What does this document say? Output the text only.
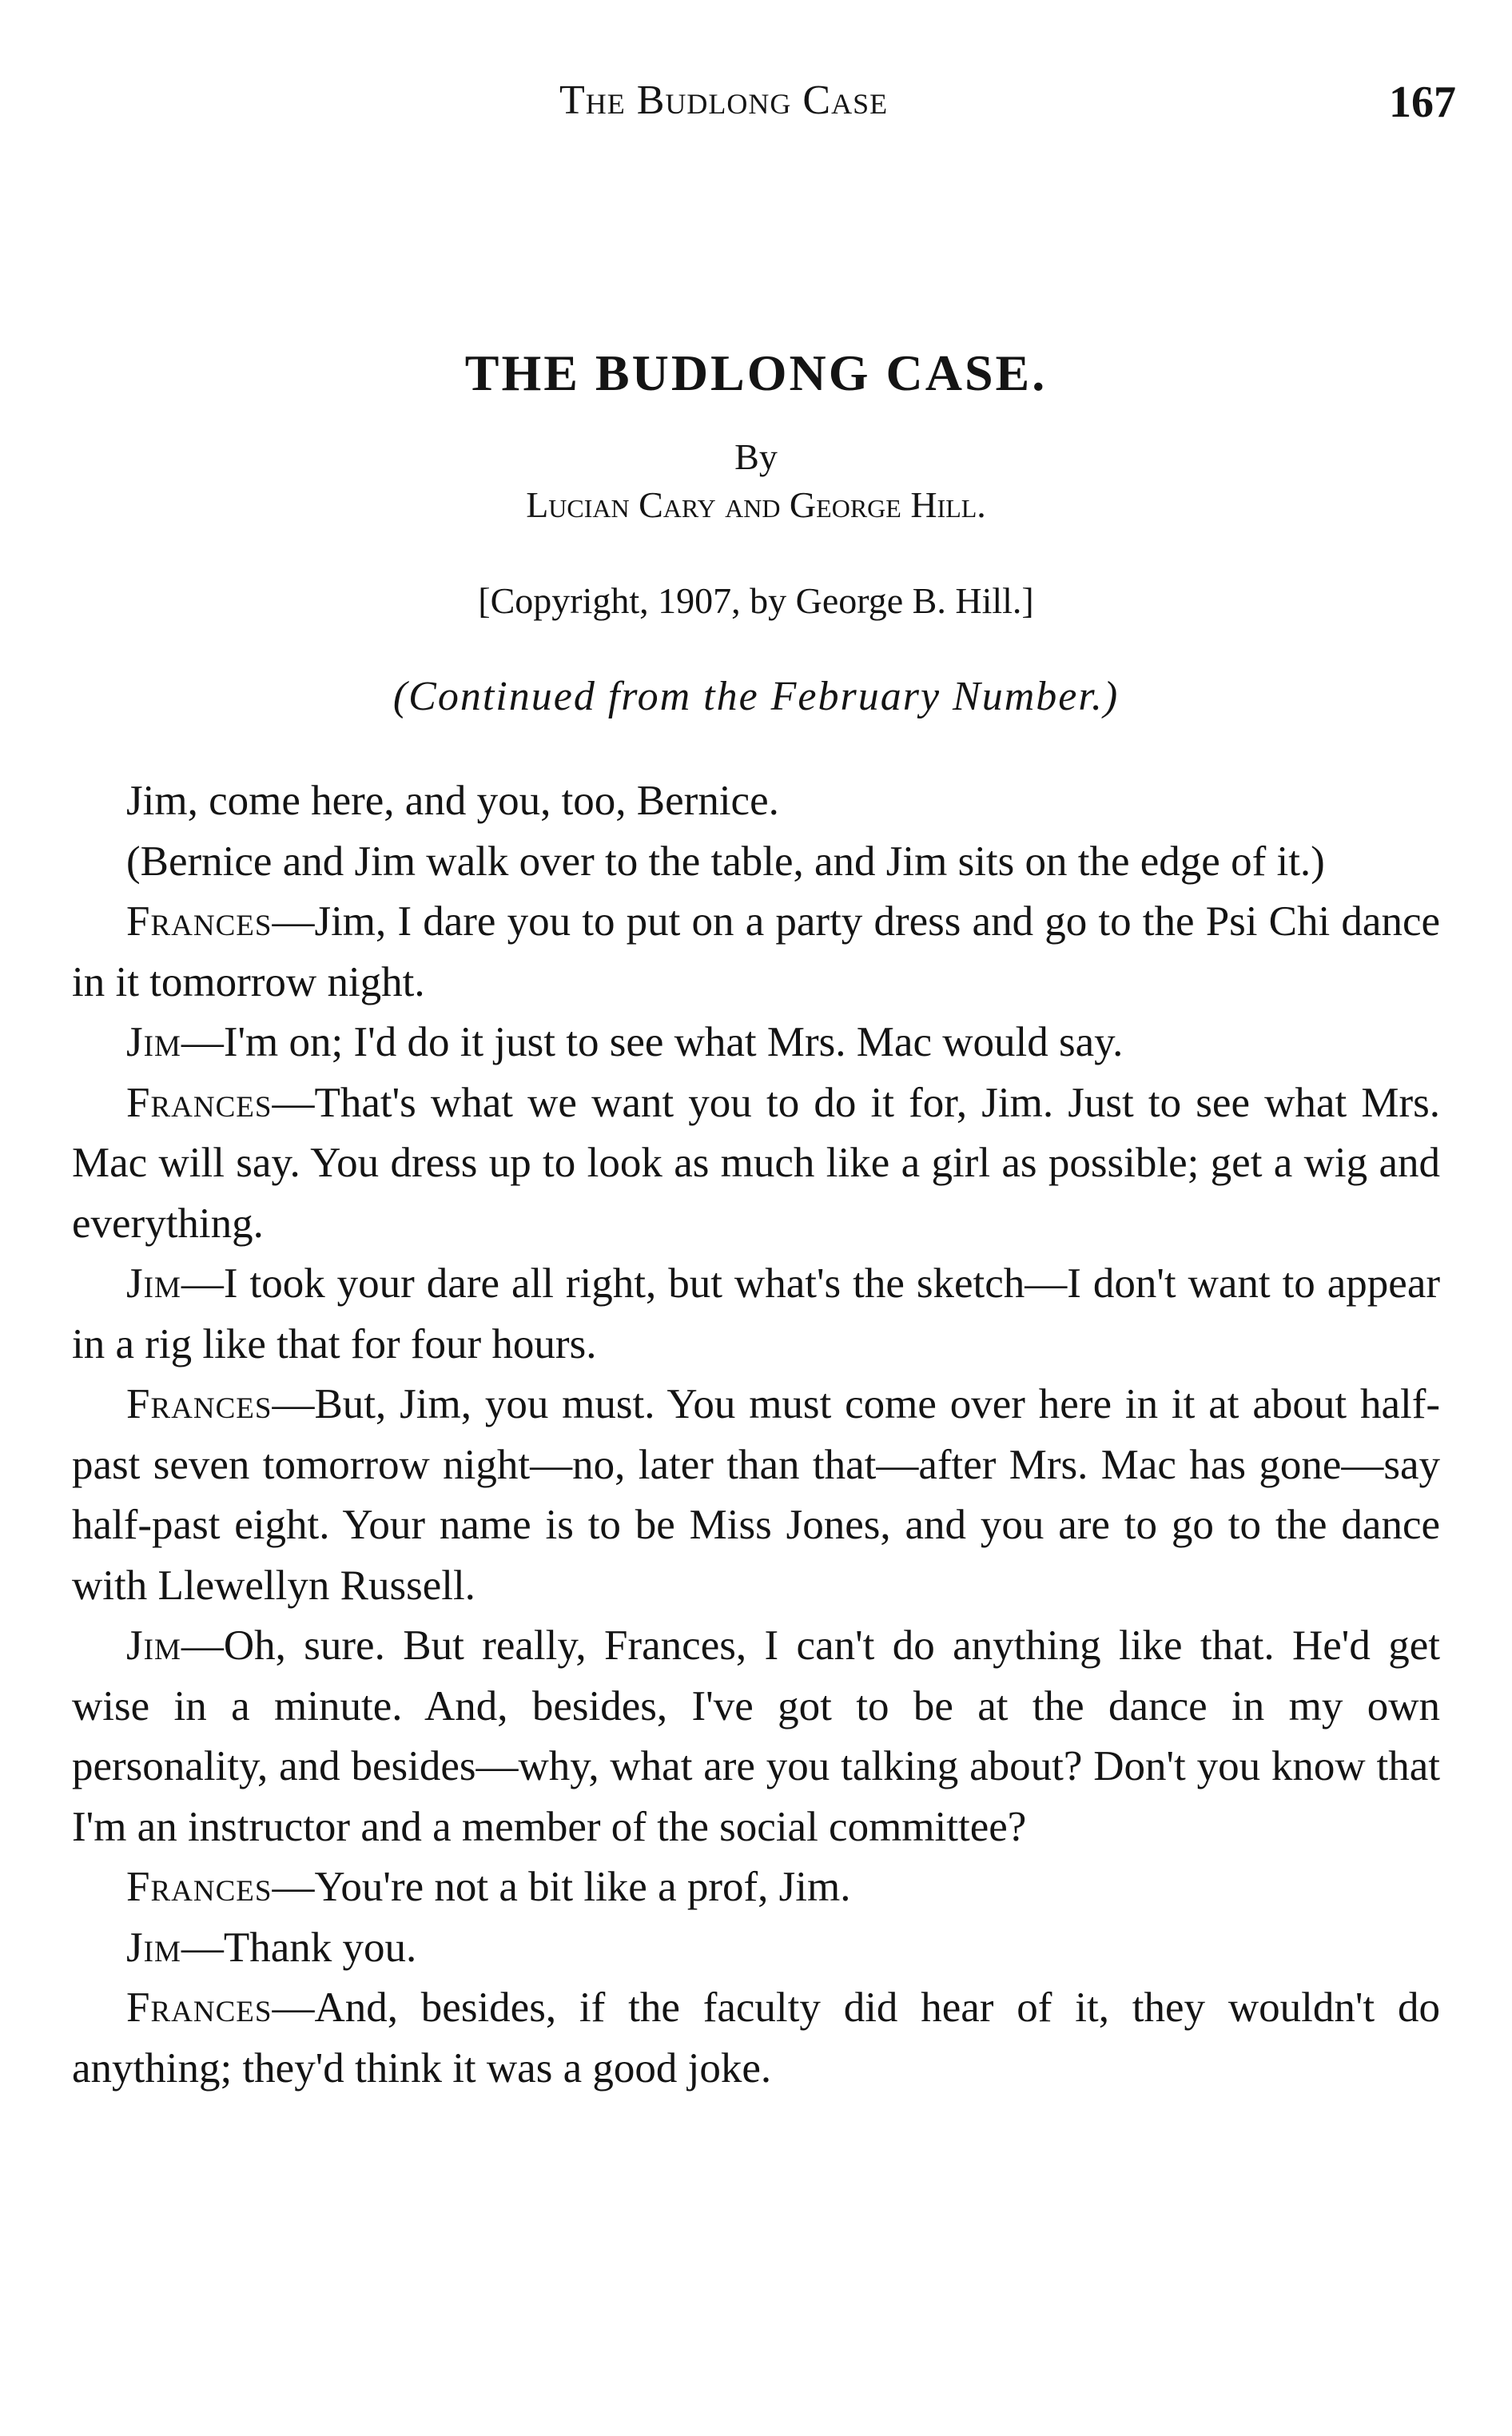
The Budlong Case	167
THE BUDLONG CASE.
By
Lucian Cary and George Hill.
[Copyright, 1907, by George B. Hill.]
(Continued from the February Number.)

Jim, come here, and you, too, Bernice.

(Bernice and Jim walk over to the table, and Jim sits on the edge of it.)

Frances—Jim, I dare you to put on a party dress and go to the Psi Chi dance in it tomorrow night.

Jim—I'm on; I'd do it just to see what Mrs. Mac would say.

Frances—That's what we want you to do it for, Jim. Just to see what Mrs. Mac will say. You dress up to look as much like a girl as possible; get a wig and everything.

Jim—I took your dare all right, but what's the sketch—I don't want to appear in a rig like that for four hours.

Frances—But, Jim, you must. You must come over here in it at about half-past seven tomorrow night—no, later than that—after Mrs. Mac has gone—say half-past eight. Your name is to be Miss Jones, and you are to go to the dance with Llewellyn Russell.

Jim—Oh, sure. But really, Frances, I can't do anything like that. He'd get wise in a minute. And, besides, I've got to be at the dance in my own personality, and besides—why, what are you talking about? Don't you know that I'm an instructor and a member of the social committee?

Frances—You're not a bit like a prof, Jim.

Jim—Thank you.

Frances—And, besides, if the faculty did hear of it, they wouldn't do anything; they'd think it was a good joke.
